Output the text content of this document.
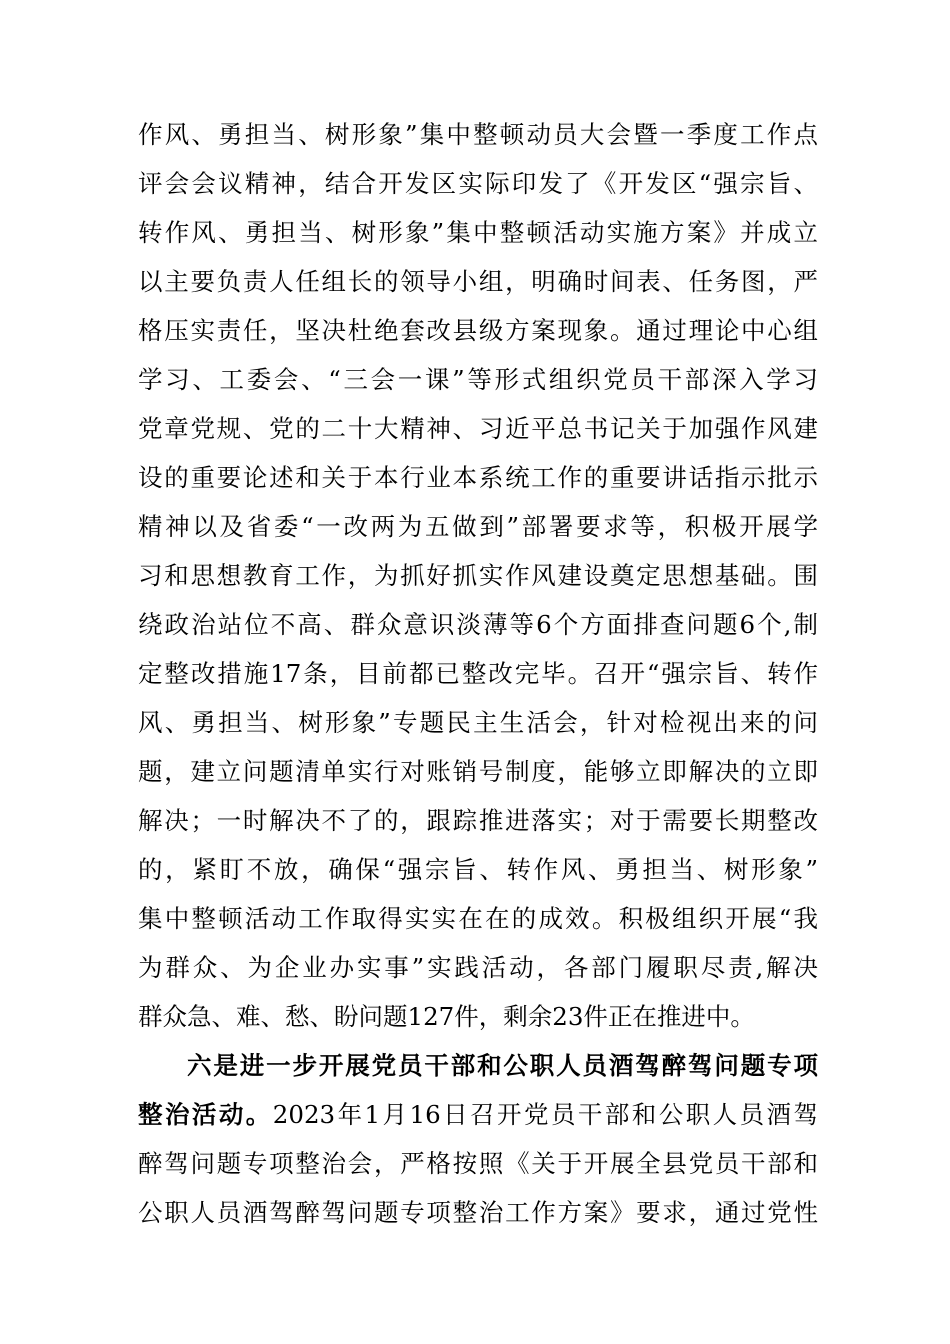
作风、勇担当、树形象”集中整顿动员大会暨一季度工作点
评会会议精神，结合开发区实际印发了《开发区“强宗旨、
转作风、勇担当、树形象”集中整顿活动实施方案》并成立
以主要负责人任组长的领导小组，明确时间表、任务图，严
格压实责任，坚决杜绝套改县级方案现象。通过理论中心组
学习、工委会、“三会一课”等形式组织党员干部深入学习
党章党规、党的二十大精神、习近平总书记关于加强作风建
设的重要论述和关于本行业本系统工作的重要讲话指示批示
精神以及省委“一改两为五做到”部署要求等，积极开展学
习和思想教育工作，为抓好抓实作风建设奠定思想基础。围
绕政治站位不高、群众意识淡薄等6个方面排查问题6个,制
定整改措施17条，目前都已整改完毕。召开“强宗旨、转作
风、勇担当、树形象”专题民主生活会，针对检视出来的问
题，建立问题清单实行对账销号制度，能够立即解决的立即
解决；一时解决不了的，跟踪推进落实；对于需要长期整改
的，紧盯不放，确保“强宗旨、转作风、勇担当、树形象”
集中整顿活动工作取得实实在在的成效。积极组织开展“我
为群众、为企业办实事”实践活动，各部门履职尽责,解决
群众急、难、愁、盼问题127件，剩余23件正在推进中。
六是进一步开展党员干部和公职人员酒驾醉驾问题专项
整治活动。2023年1月16日召开党员干部和公职人员酒驾
醉驾问题专项整治会，严格按照《关于开展全县党员干部和
公职人员酒驾醉驾问题专项整治工作方案》要求，通过党性
